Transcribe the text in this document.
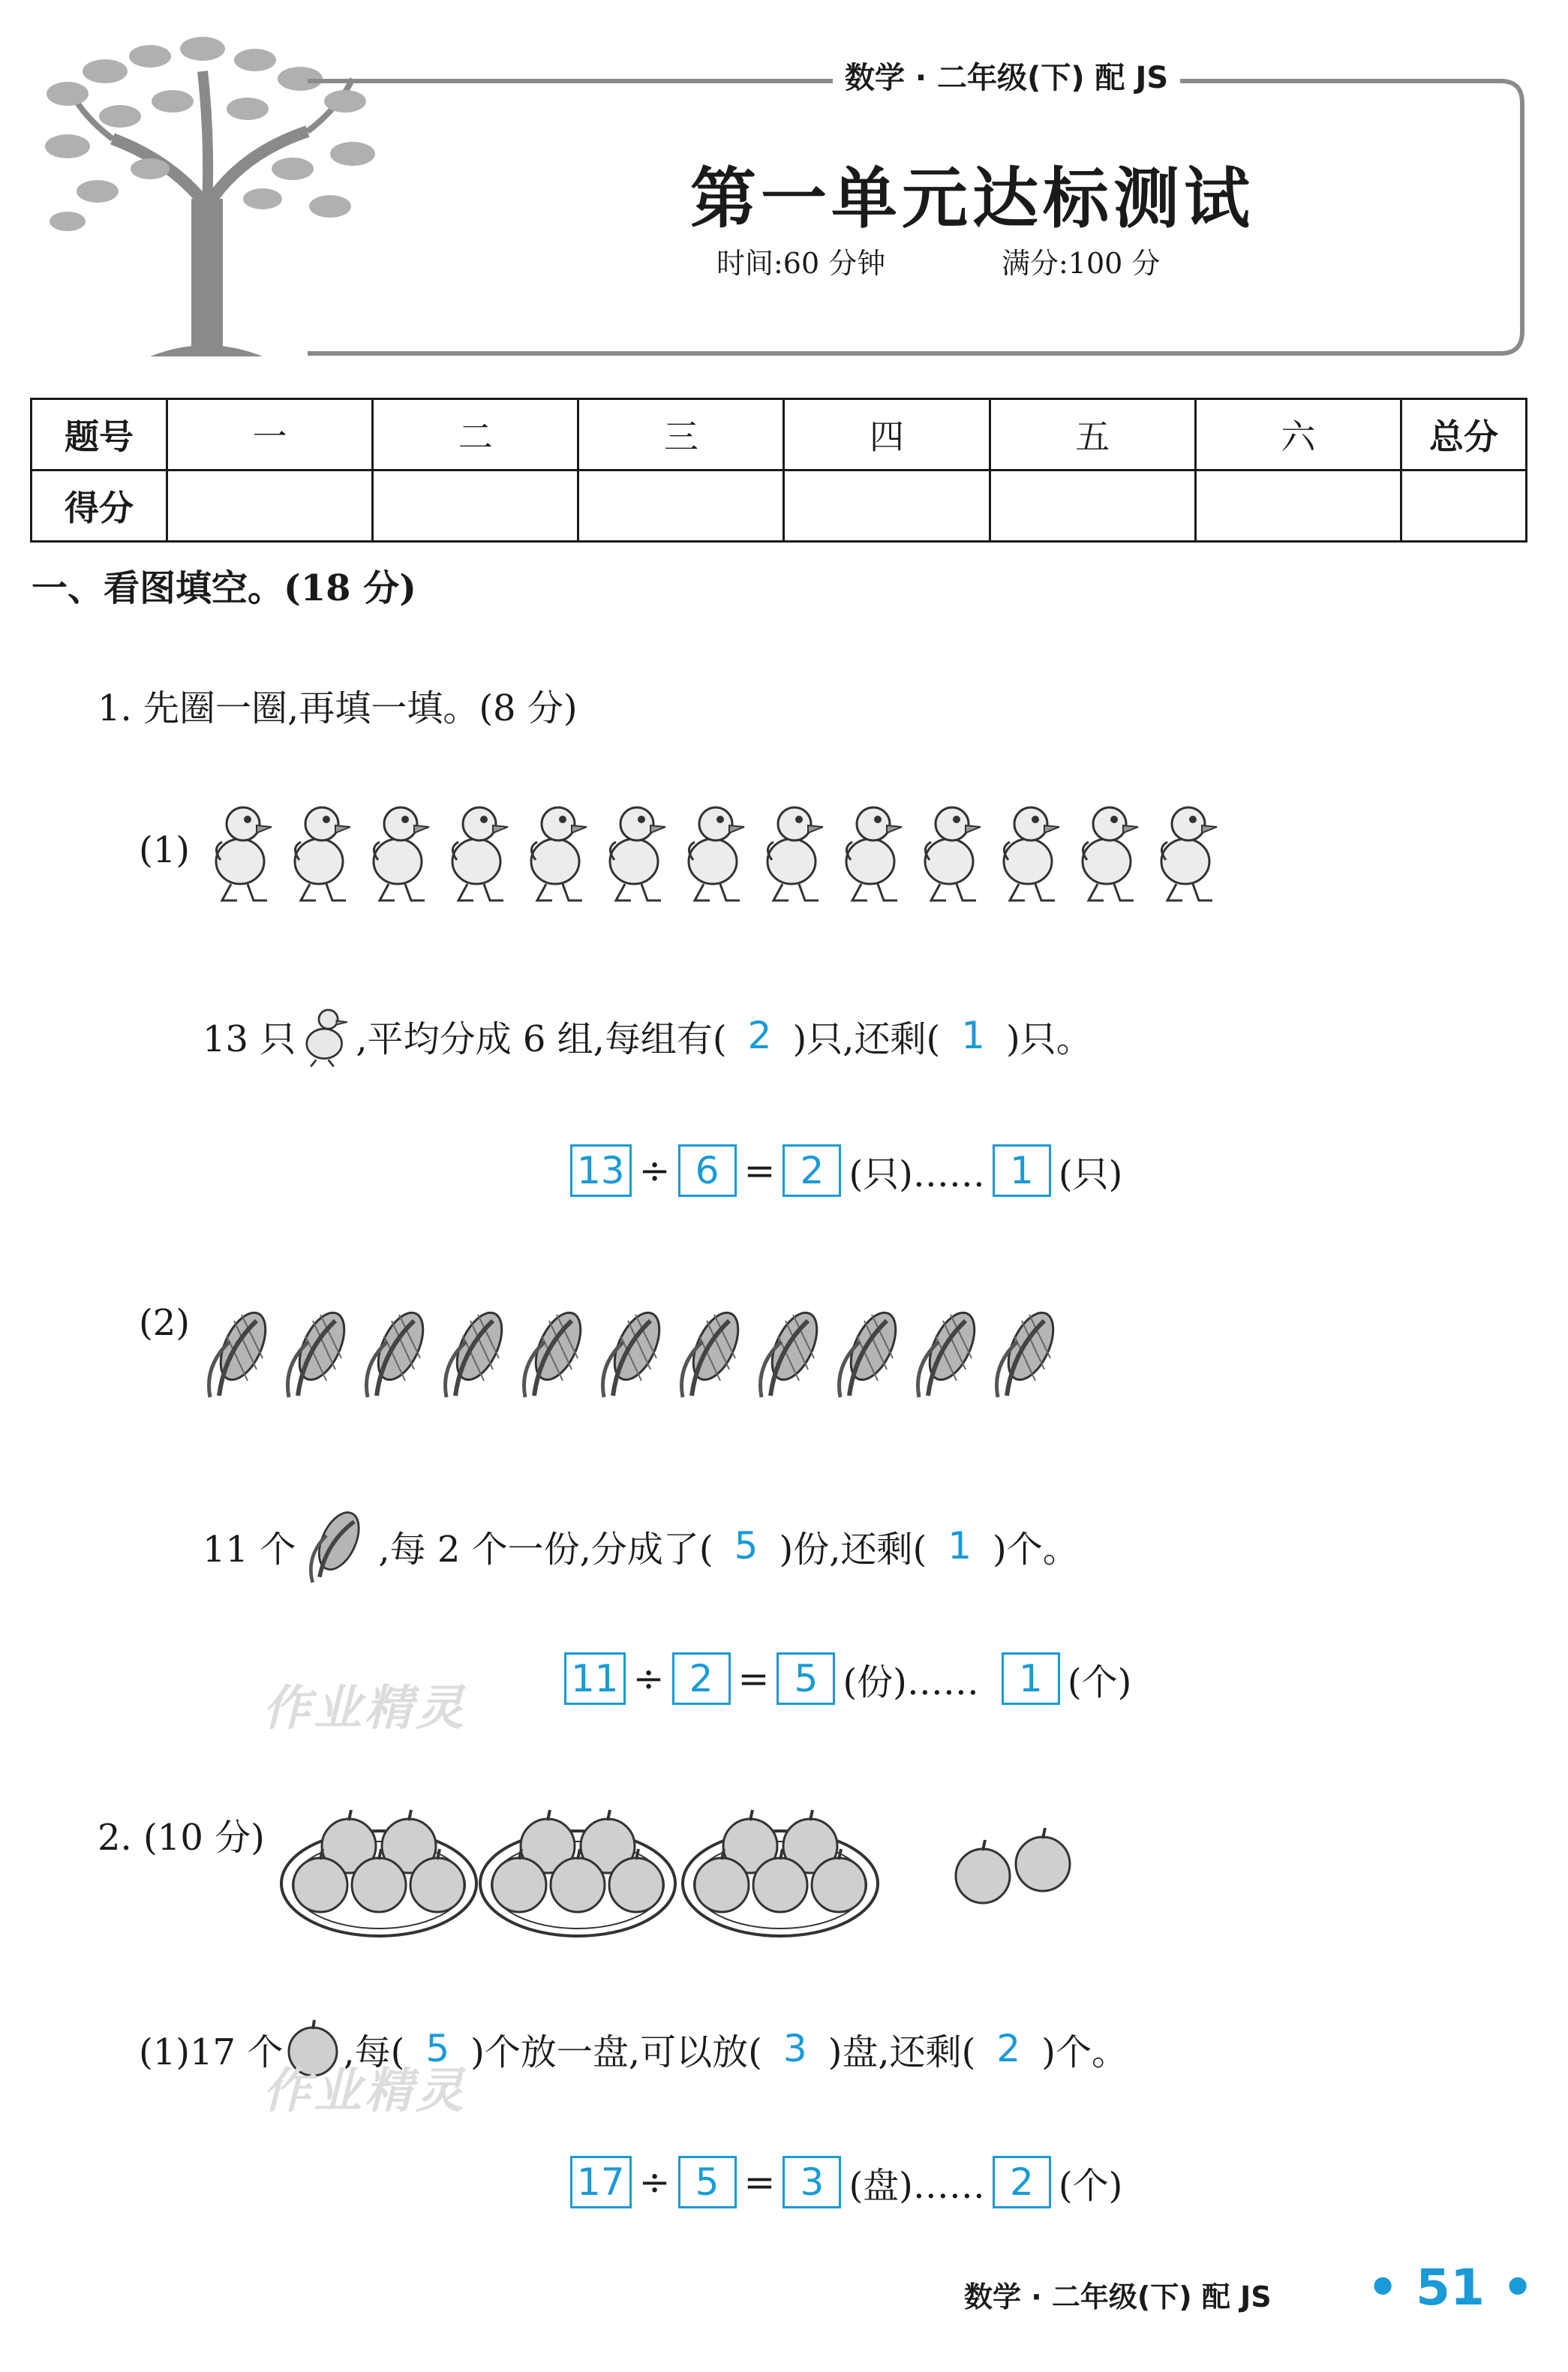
数学 · 二年级(下) 配 JS
第一单元达标测试
时间:60 分钟	满分:100 分
题号	一	二	三	四	五	六	总分
得分							
一、看图填空。(18 分)
1. 先圈一圈,再填一填。(8 分)
(1)
13 只 ,平均分成 6 组,每组有( 2 )只,还剩( 1 )只。
13 ÷ 6 = 2 (只)…… 1 (只)
(2)
11 个 ,每 2 个一份,分成了( 5 )份,还剩( 1 )个。
11 ÷ 2 = 5 (份)……	1 (个)
作业精灵
2. (10 分)
(1)17 个 ,每( 5 )个放一盘,可以放( 3 )盘,还剩( 2 )个。
作业精灵
17 ÷ 5 = 3 (盘)…… 2 (个)
数学 · 二年级(下) 配 JS • 51 •
